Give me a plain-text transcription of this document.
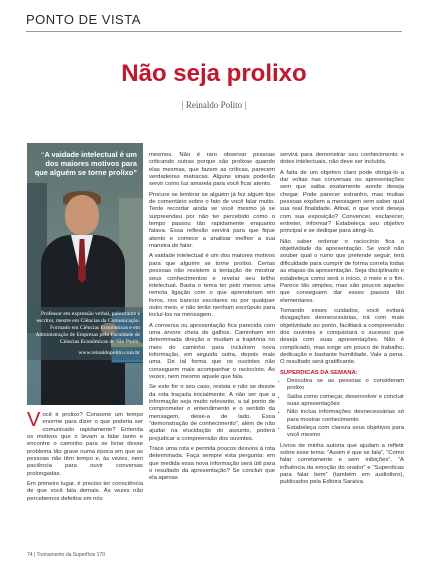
PONTO DE VISTA
Não seja prolixo
| Reinaldo Polito |
“A vaidade intelectual é um dos maiores motivos para que alguém se torne prolixo”

Professor em expressão verbal, palestrante e escritor, mestre em Ciências da Comunicação. Formado em Ciências Econômicas e em Administração de Empresas pela Faculdade de Ciências Econômicas de São Paulo.

www.reinaldopolito.com.br

Você é prolixo? Consome um tempo enorme para dizer o que poderia ser comunicado rapidamente? Entenda os motivos que o levam a falar tanto e encontre o caminho para se livrar desse problema tão grave numa época em que as pessoas não têm tempo e, às vezes, nem paciência para ouvir conversas prolongadas.

Em primeiro lugar, é preciso ter consciência de que você fala demais. Às vezes não percebemos defeitos em nós

mesmos. Não é raro observar pessoas criticando outras porque são prolixas quando elas mesmas, que fazem as críticas, parecem verdadeiras matracas. Alguns sinais poderão servir como luz amarela para você ficar atento.

Procure se lembrar se alguém já fez algum tipo de comentário sobre o fato de você falar muito. Tente recordar ainda se você mesmo já se surpreendeu por não ter percebido como o tempo passou tão rapidamente enquanto falava. Essa reflexão servirá para que fique atento e comece a analisar melhor a sua maneira de falar.

A vaidade intelectual é um dos maiores motivos para que alguém se torne prolixo. Certas pessoas não resistem à tentação de mostrar seus conhecimentos e revelar seu brilho intelectual. Basta o tema ter pelo menos uma remota ligação com o que aprenderam em livros, nos bancos escolares ou por qualquer outro meio, e não terão nenhum escrúpulo para incluí-los na mensagem.

A conversa ou apresentação fica parecida com uma árvore cheia de galhos. Caminham em determinada direção e mudam a trajetória no meio do caminho para incluírem nova informação, em seguida outra, depois mais uma. De tal forma que os ouvintes não conseguem mais acompanhar o raciocínio. Às vezes, nem mesmo aquele que fala.

Se este for o seu caso, resista e não se desvie da rota traçada inicialmente. A não ser que a informação seja muito relevante, a tal ponto de comprometer o entendimento e o sentido da mensagem, deixe-a de lado. Essa “demonstração de conhecimento”, além de não ajudar na elucidação do assunto, poderá prejudicar a compreensão dos ouvintes.

Trace uma rota e permita poucos desvios à rota determinada. Faça sempre esta pergunta: em que medida essa nova informação será útil para o resultado da apresentação? Se concluir que ela apenas

servirá para demonstrar seu conhecimento e dotes intelectuais, não deve ser incluída.

A falta de um objetivo claro pode obrigá-lo a dar voltas nas conversas ou apresentações sem que saiba exatamente aonde deseja chegar. Pode parecer estranho, mas muitas pessoas expõem a mensagem sem saber qual sua real finalidade. Afinal, o que você deseja com sua exposição? Convencer, esclarecer, entreter, informar? Estabeleça seu objetivo principal e se dedique para atingi-lo.

Não saber ordenar o raciocínio fica a objetividade da apresentação. Se você não souber qual o rumo que pretende seguir, terá dificuldade para cumprir de forma correta todas as etapas da apresentação. Seja disciplinado e estabeleça como será o início, o meio e o fim. Parece tão simples, mas são poucos aqueles que conseguem dar esses passos tão elementares.

Tomando esses cuidados, você evitará divagações desnecessárias, irá com mais objetividade ao ponto, facilitará a compreensão dos ouvintes e conquistará o sucesso que deseja com suas apresentações. Não é complicado, mas exige um pouco de trabalho, dedicação e bastante humildade. Vale a pena. O resultado será gratificante.

SUPERDICAS DA SEMANA:
• Descubra se as pessoas o consideram prolixo
• Saiba como começar, desenvolver e concluir suas apresentações
• Não inclua informações desnecessárias só para mostrar conhecimento
• Estabeleça com clareza seus objetivos para você mesmo

Livros de minha autoria que ajudam a refletir sobre esse tema: “Assim é que se fala”, “Como falar corretamente e sem inibições”, “A influência da emoção do orador” e “Superdicas para falar bem” (também em audiolivro), publicados pela Editora Saraiva.

74 | Treinamento da Superfície 170
